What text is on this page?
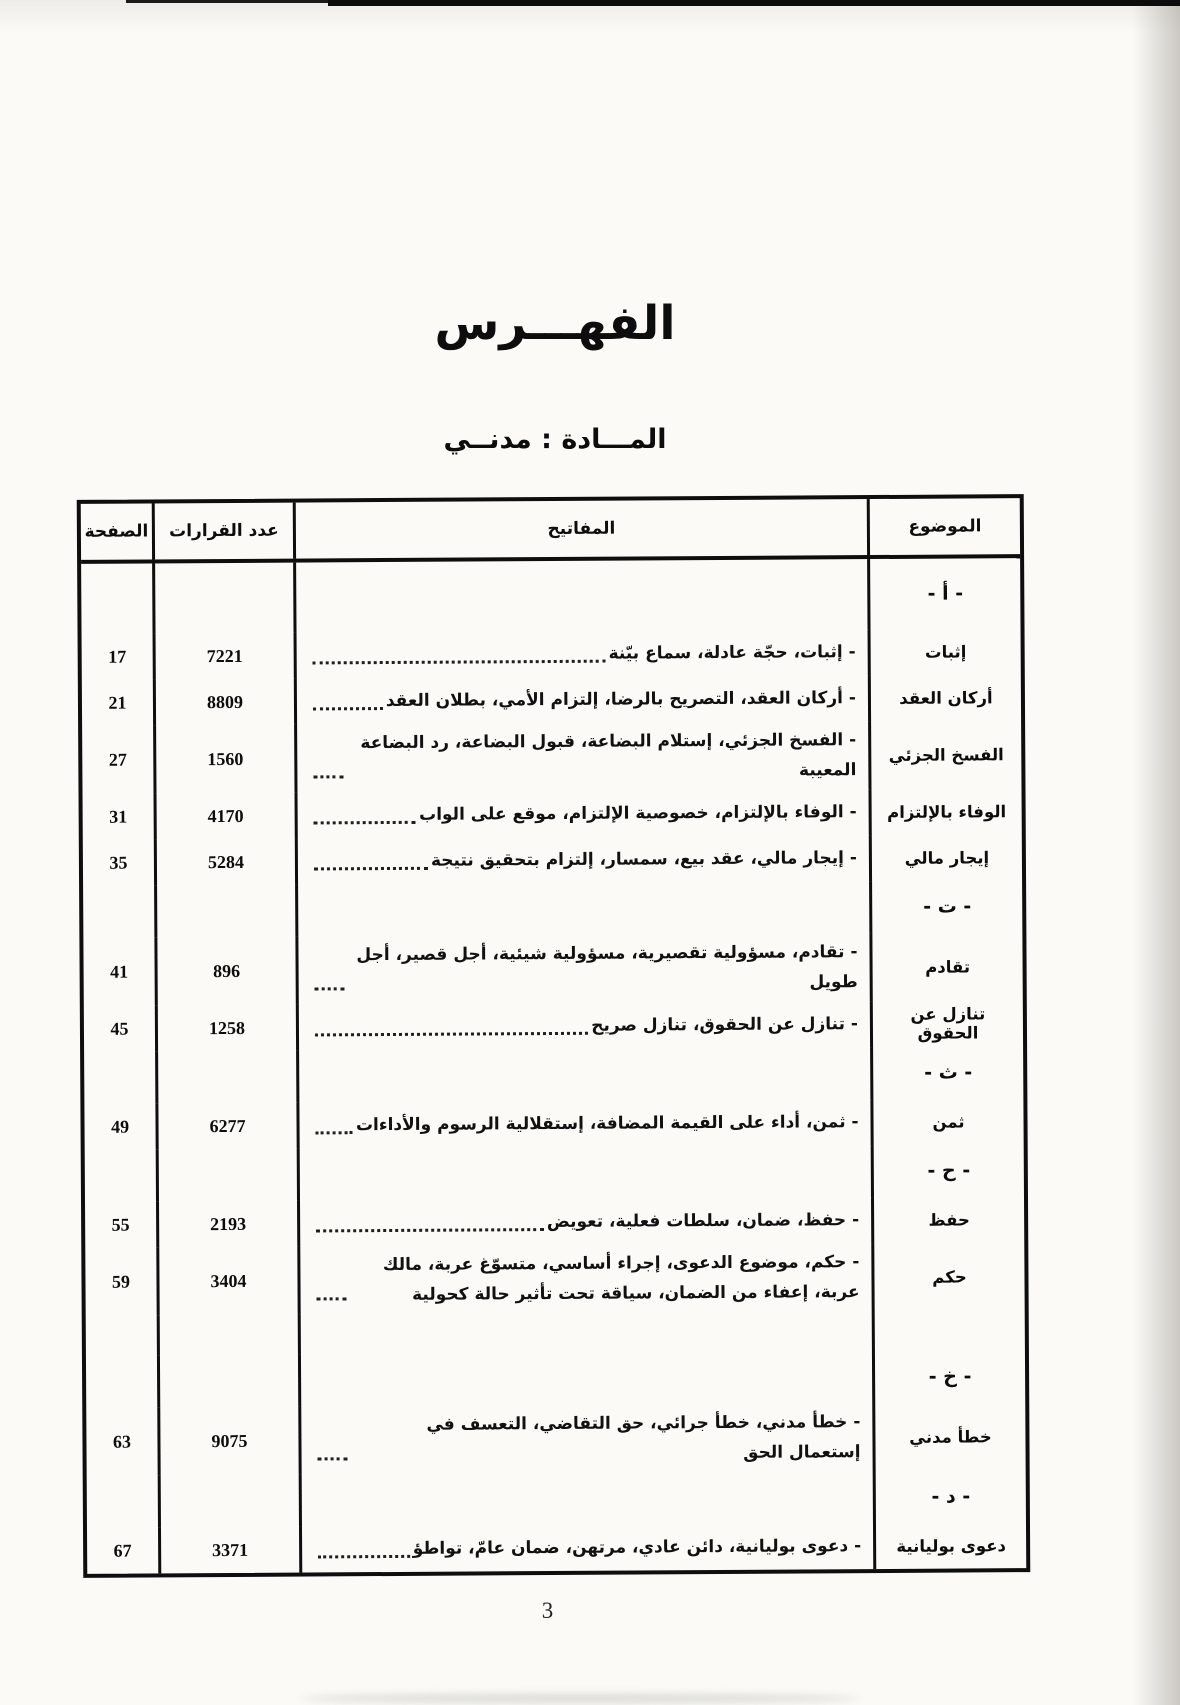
الفهـــرس
المـــادة : مدنــي
الموضوع
المفاتيح
عدد القرارات
الصفحة
- أ -
إثبات
- إثبات، حجّة عادلة، سماع بيّنة
7221
17
أركان العقد
- أركان العقد، التصريح بالرضا، إلتزام الأمي، بطلان العقد
8809
21
الفسخ الجزئي
- الفسخ الجزئي، إستلام البضاعة، قبول البضاعة، رد البضاعة المعيبة
1560
27
الوفاء بالإلتزام
- الوفاء بالإلتزام، خصوصية الإلتزام، موقع على الواب
4170
31
إيجار مالي
- إيجار مالي، عقد بيع، سمسار، إلتزام بتحقيق نتيجة
5284
35
- ت -
تقادم
- تقادم، مسؤولية تقصيرية، مسؤولية شيئية، أجل قصير، أجل طويل
896
41
تنازل عن الحقوق
- تنازل عن الحقوق، تنازل صريح
1258
45
- ث -
ثمن
- ثمن، أداء على القيمة المضافة، إستقلالية الرسوم والأداءات
6277
49
- ح -
حفظ
- حفظ، ضمان، سلطات فعلية، تعويض
2193
55
حكم
- حكم، موضوع الدعوى، إجراء أساسي، متسوّغ عربة، مالك عربة، إعفاء من الضمان، سياقة تحت تأثير حالة كحولية
3404
59
- خ -
خطأ مدني
- خطأ مدني، خطأ جرائي، حق التقاضي، التعسف في إستعمال الحق
9075
63
- د -
دعوى بوليانية
- دعوى بوليانية، دائن عادي، مرتهن، ضمان عامّ، تواطؤ
3371
67
3
